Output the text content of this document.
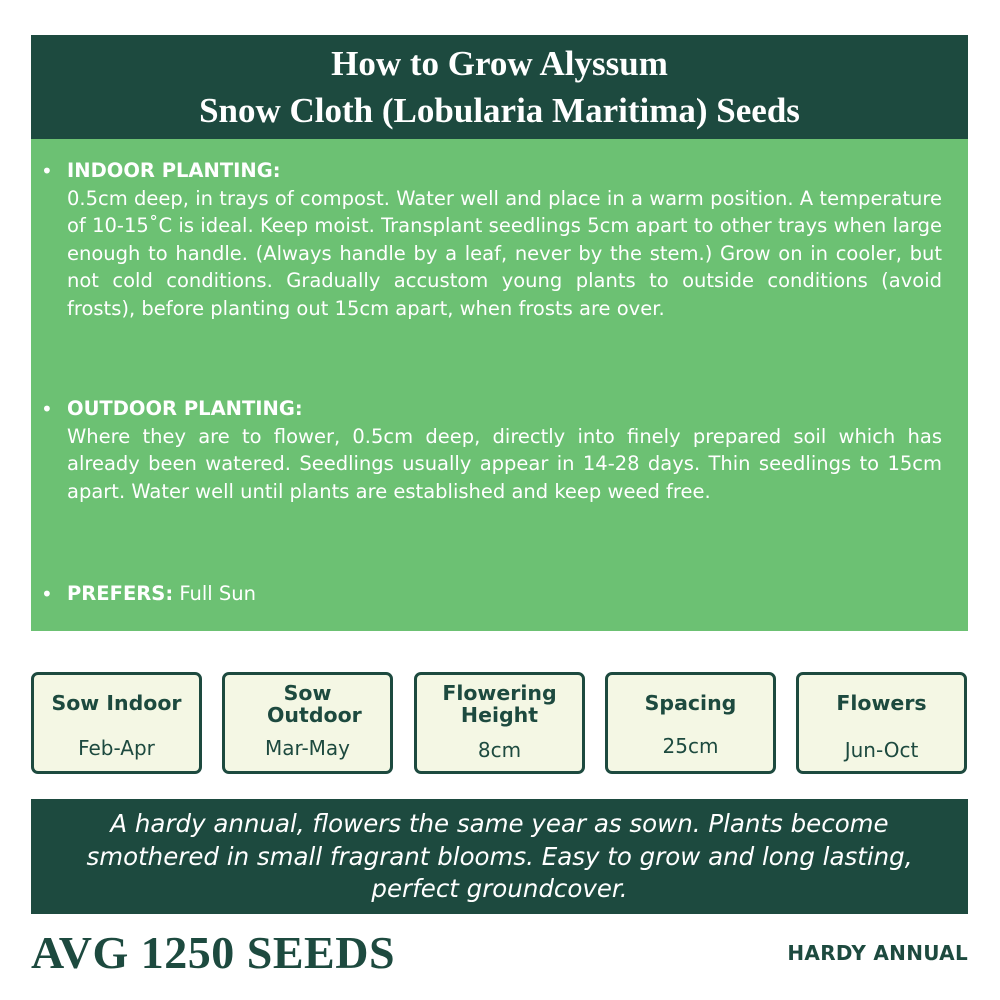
How to Grow Alyssum
Snow Cloth (Lobularia Maritima) Seeds
• INDOOR PLANTING:
0.5cm deep, in trays of compost. Water well and place in a warm position. A temperature of 10-15˚C is ideal. Keep moist. Transplant seedlings 5cm apart to other trays when large enough to handle. (Always handle by a leaf, never by the stem.) Grow on in cooler, but not cold conditions. Gradually accustom young plants to outside conditions (avoid frosts), before planting out 15cm apart, when frosts are over.
• OUTDOOR PLANTING:
Where they are to flower, 0.5cm deep, directly into finely prepared soil which has already been watered. Seedlings usually appear in 14-28 days. Thin seedlings to 15cm apart. Water well until plants are established and keep weed free.
• PREFERS: Full Sun
Sow Indoor
Feb-Apr
Sow Outdoor
Mar-May
Flowering Height
8cm
Spacing
25cm
Flowers
Jun-Oct
A hardy annual, flowers the same year as sown. Plants become
smothered in small fragrant blooms. Easy to grow and long lasting,
perfect groundcover.
AVG 1250 SEEDS	HARDY ANNUAL
